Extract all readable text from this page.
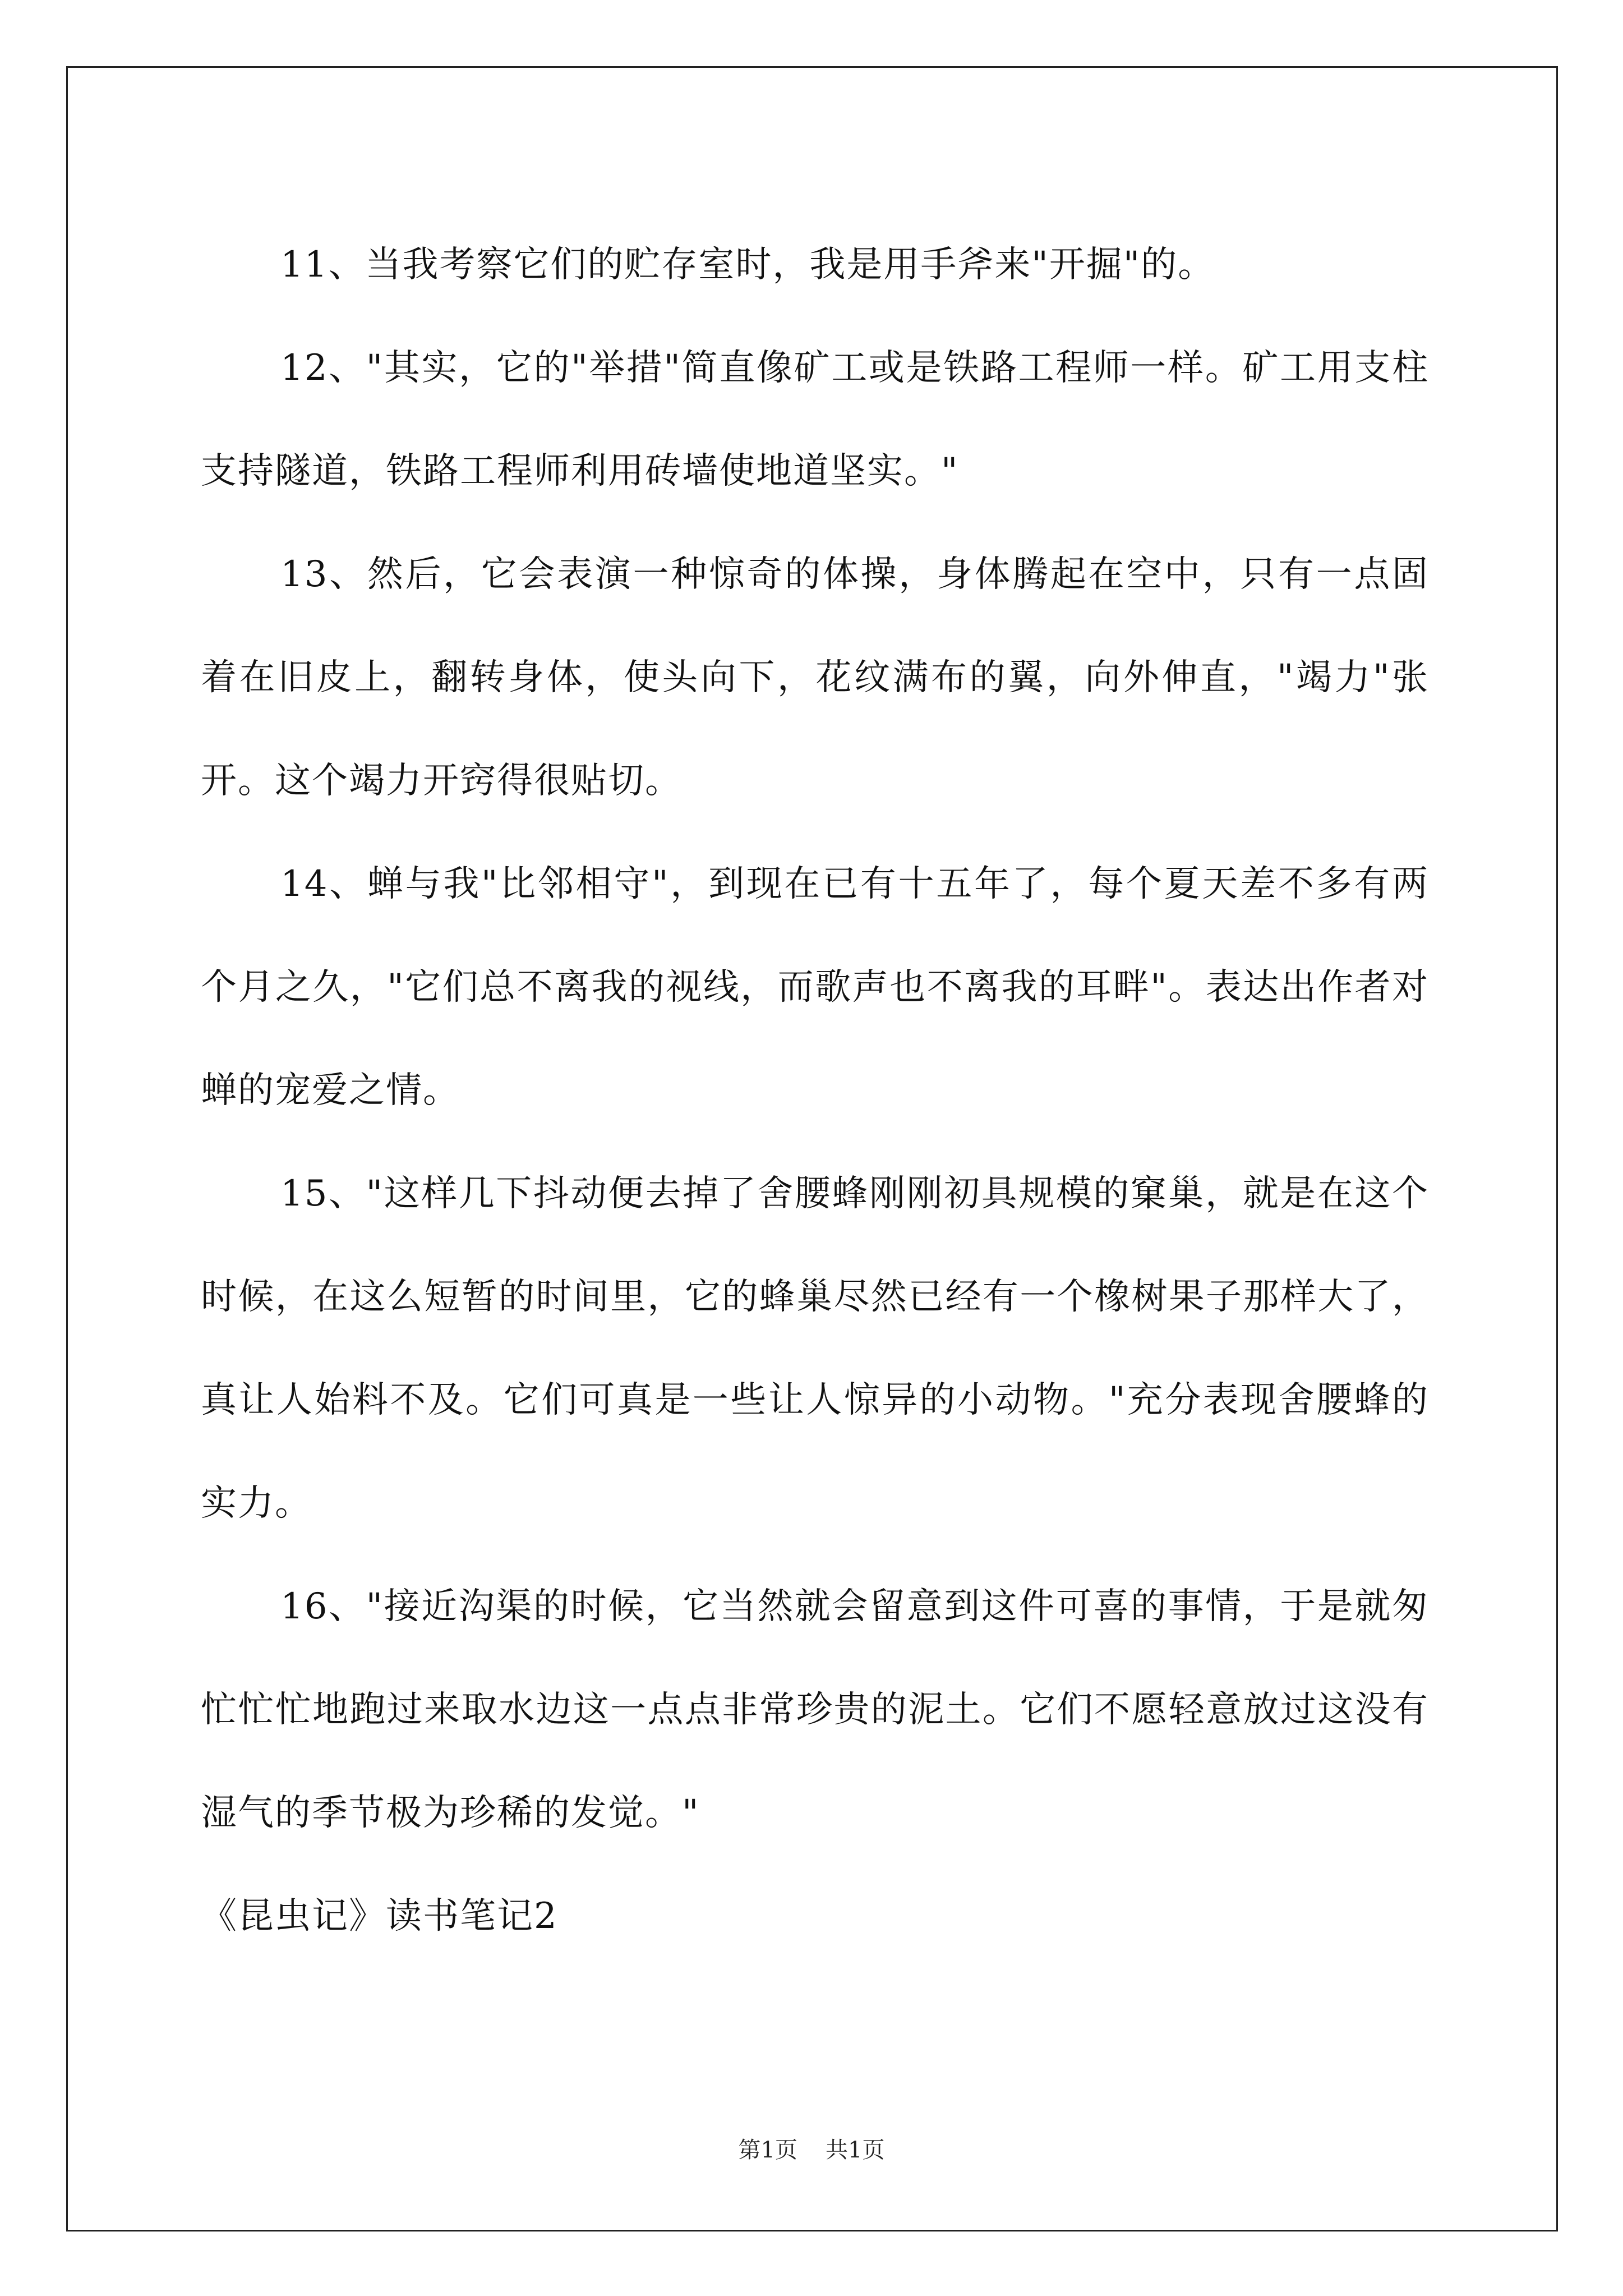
11、当我考察它们的贮存室时，我是用手斧来"开掘"的。

12、"其实，它的"举措"简直像矿工或是铁路工程师一样。矿工用支柱支持隧道，铁路工程师利用砖墙使地道坚实。"

13、然后，它会表演一种惊奇的体操，身体腾起在空中，只有一点固着在旧皮上，翻转身体，使头向下，花纹满布的翼，向外伸直，"竭力"张开。这个竭力开窍得很贴切。

14、蝉与我"比邻相守"，到现在已有十五年了，每个夏天差不多有两个月之久，"它们总不离我的视线，而歌声也不离我的耳畔"。表达出作者对蝉的宠爱之情。

15、"这样几下抖动便去掉了舍腰蜂刚刚初具规模的窠巢，就是在这个时候，在这么短暂的时间里，它的蜂巢尽然已经有一个橡树果子那样大了，真让人始料不及。它们可真是一些让人惊异的小动物。"充分表现舍腰蜂的实力。

16、"接近沟渠的时候，它当然就会留意到这件可喜的事情，于是就匆忙忙忙地跑过来取水边这一点点非常珍贵的泥土。它们不愿轻意放过这没有湿气的季节极为珍稀的发觉。"

《昆虫记》读书笔记2

第1页 共1页
